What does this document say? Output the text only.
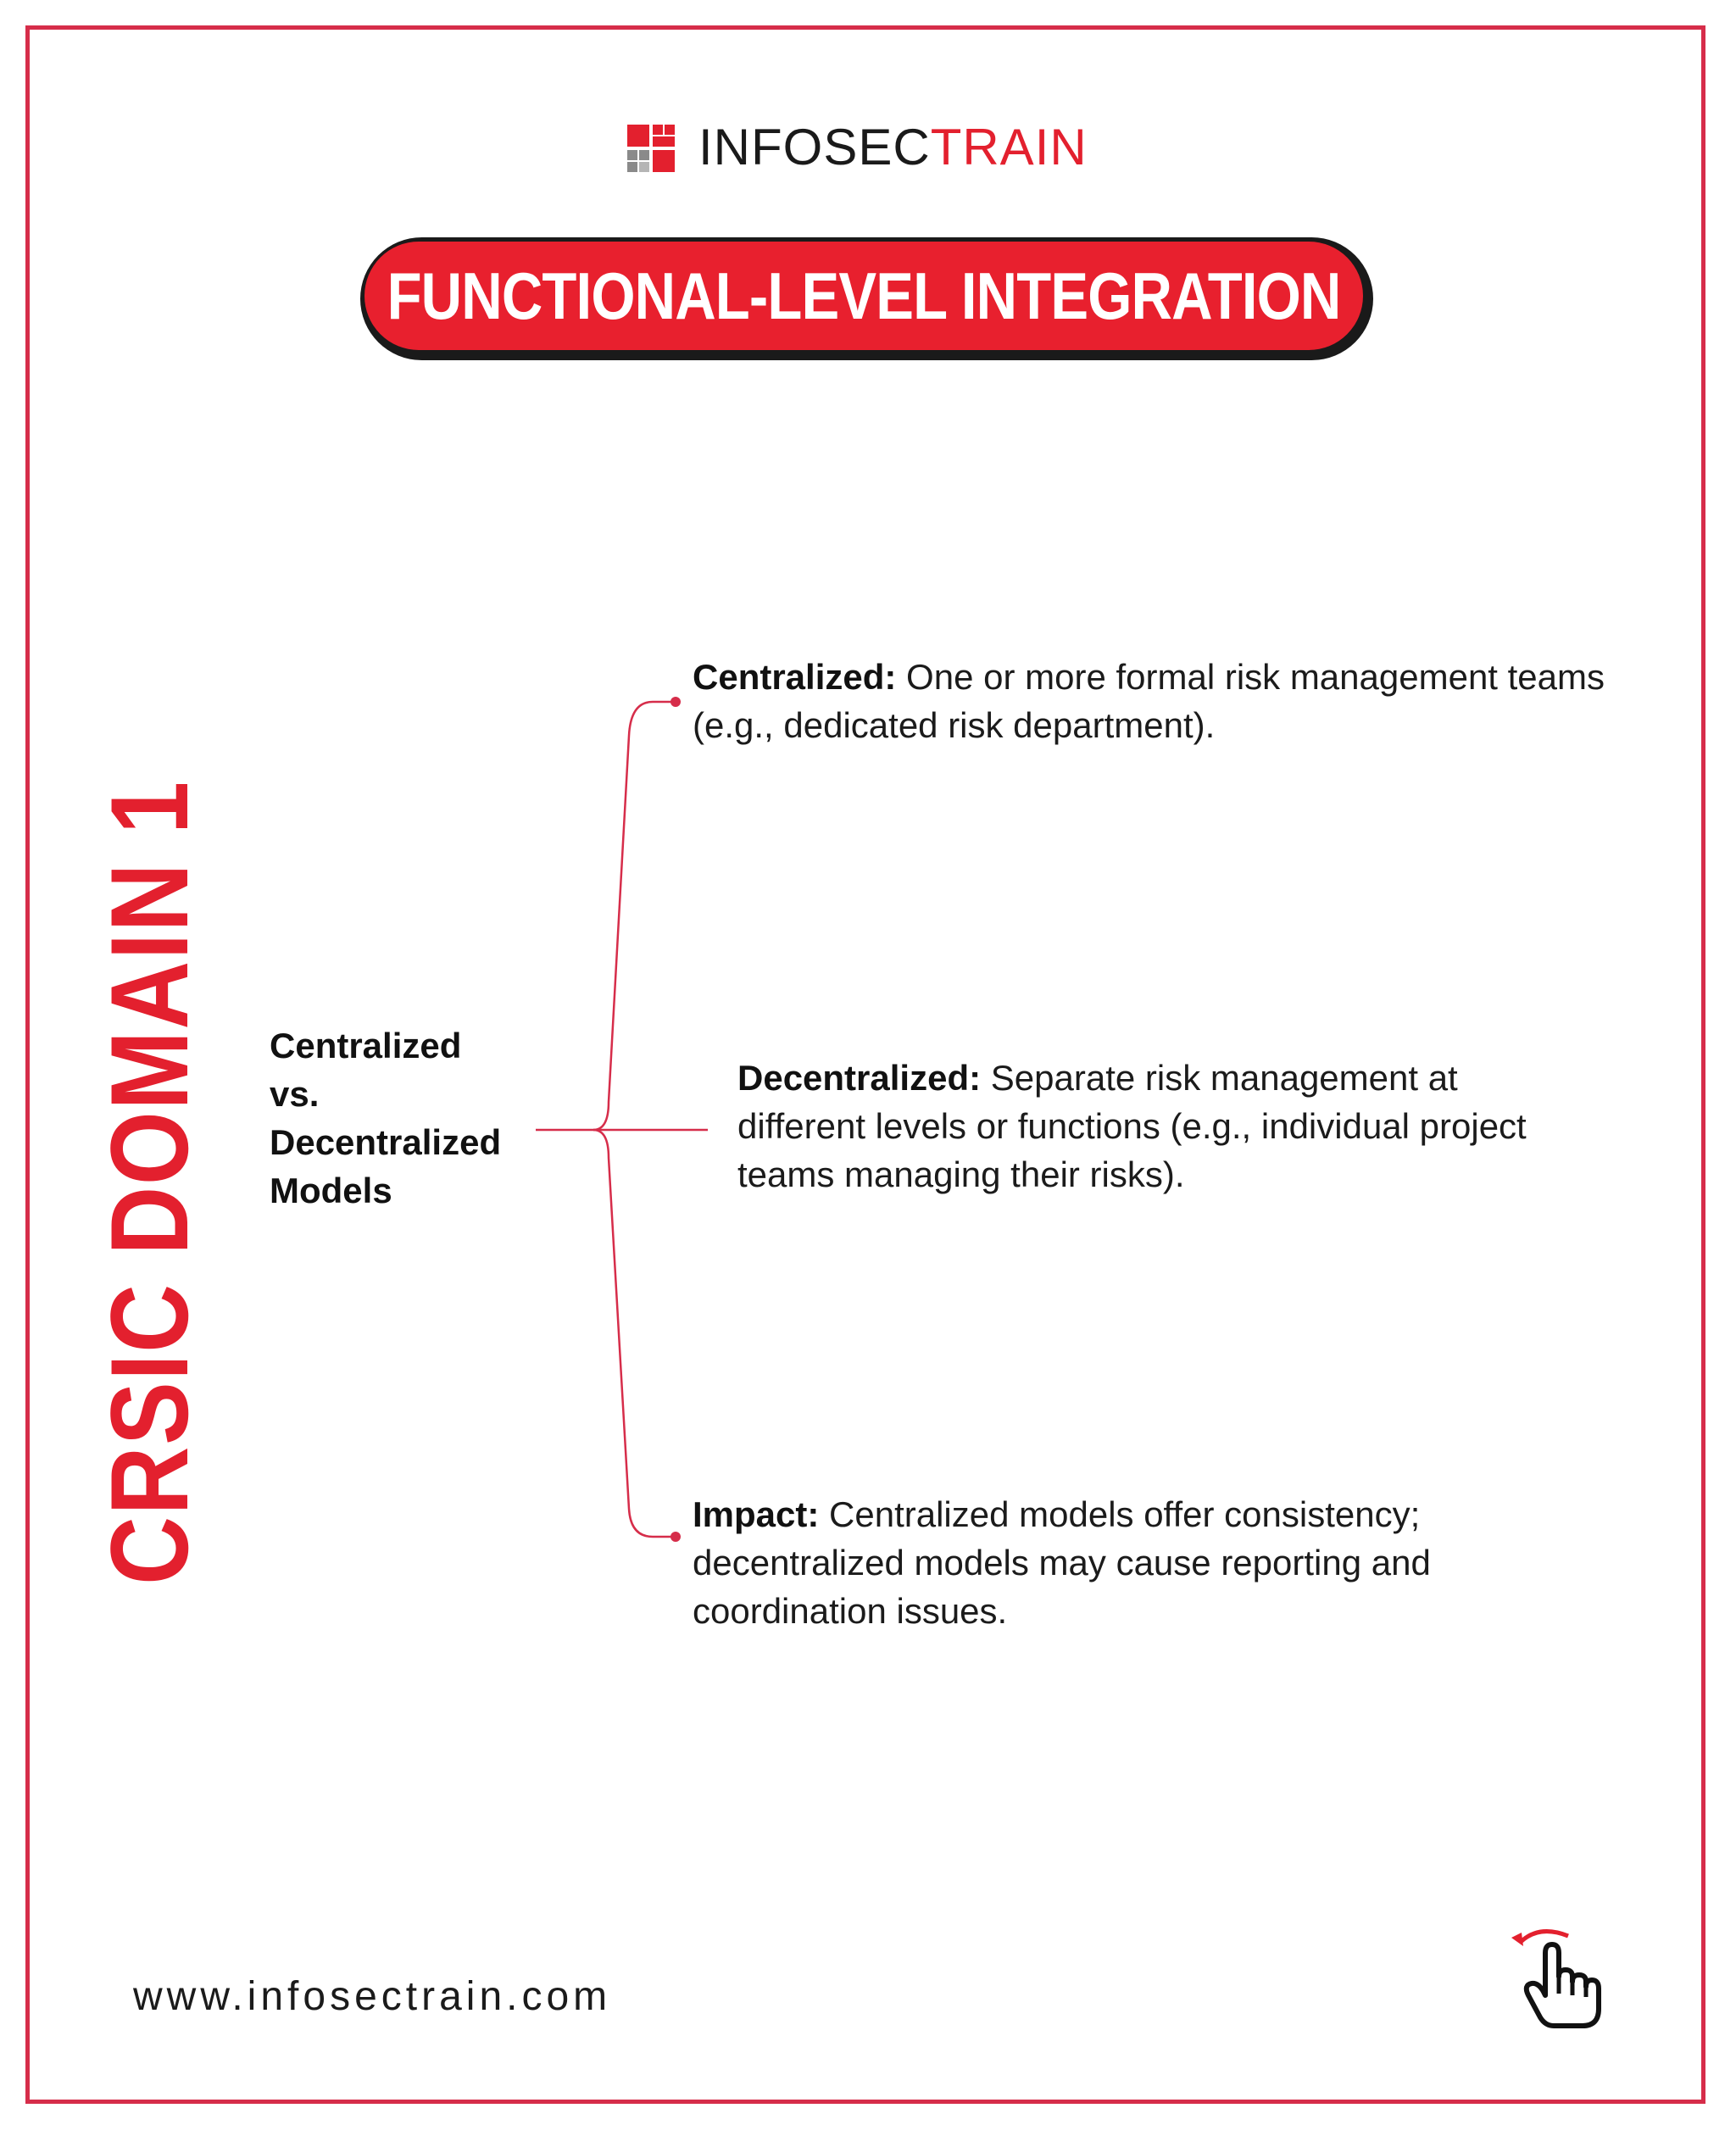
INFOSECTRAIN
FUNCTIONAL-LEVEL INTEGRATION
CRSIC DOMAIN 1 Centralized
vs.
Decentralized
Models
Centralized: One or more formal risk management teams (e.g., dedicated risk department).
Decentralized: Separate risk management at different levels or functions (e.g., individual project teams managing their risks).
Impact: Centralized models offer consistency; decentralized models may cause reporting and coordination issues.
www.infosectrain.com
